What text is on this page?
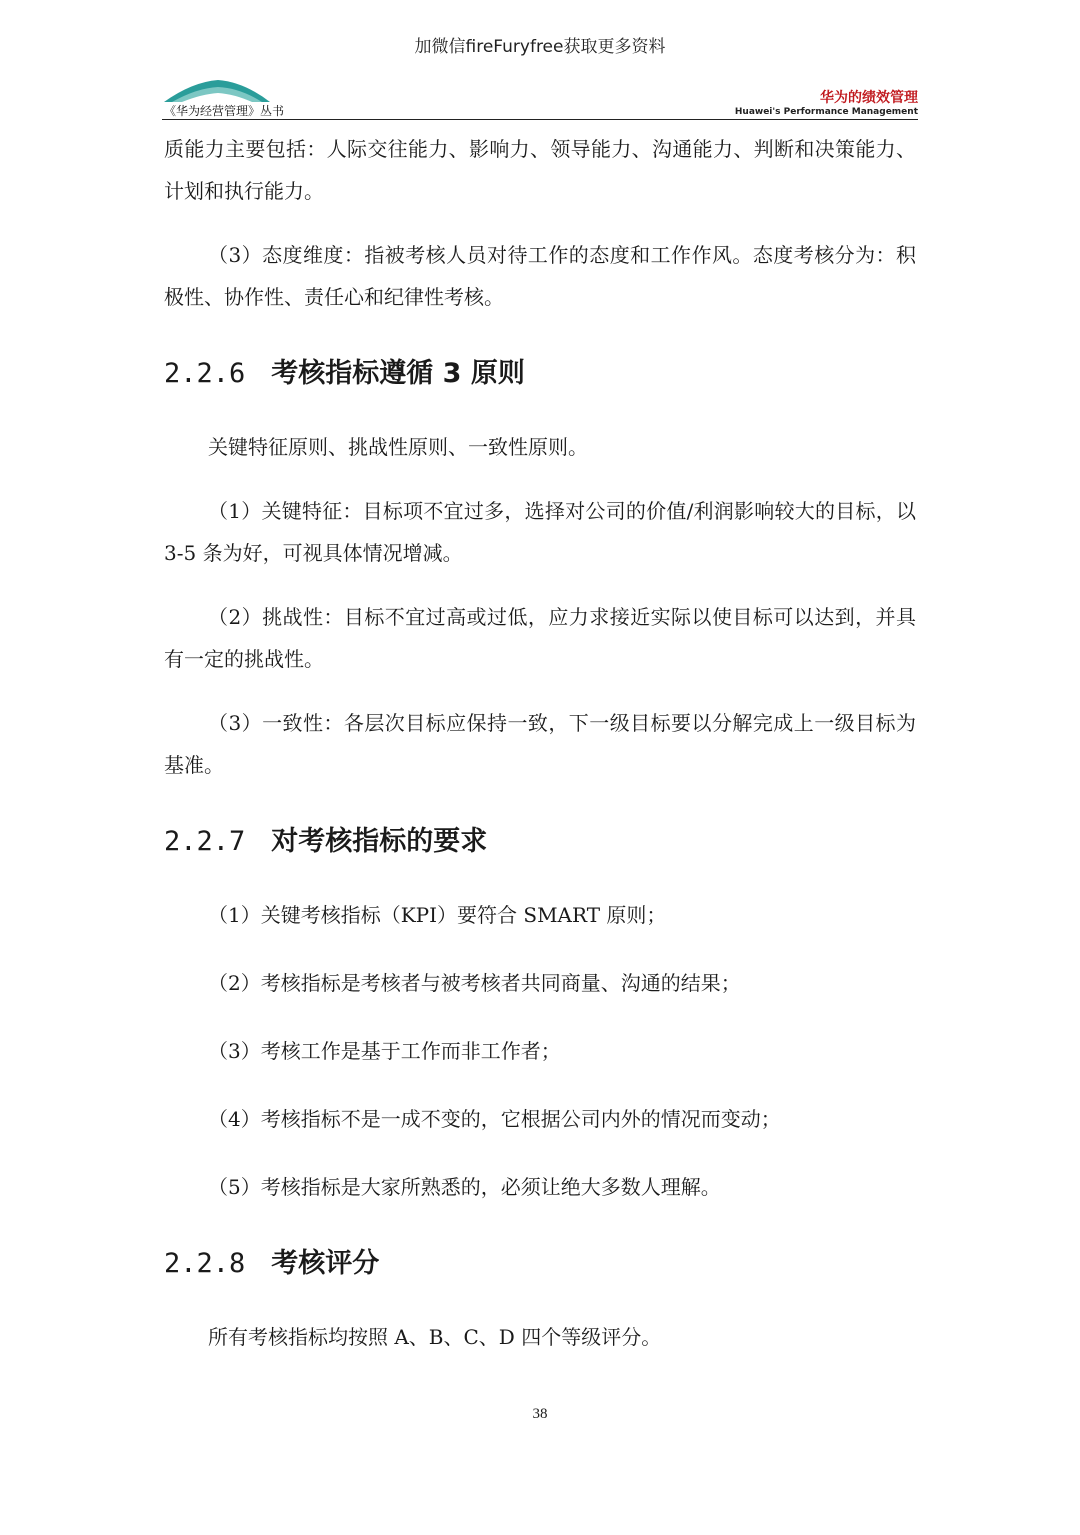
加微信fireFuryfree获取更多资料
《华为经营管理》丛书
华为的绩效管理
Huawei's Performance Management

质能力主要包括：人际交往能力、影响力、领导能力、沟通能力、判断和决策能力、计划和执行能力。

（3）态度维度：指被考核人员对待工作的态度和工作作风。态度考核分为：积极性、协作性、责任心和纪律性考核。

2.2.6 考核指标遵循 3 原则

关键特征原则、挑战性原则、一致性原则。

（1）关键特征：目标项不宜过多，选择对公司的价值/利润影响较大的目标，以 3-5 条为好，可视具体情况增减。

（2）挑战性：目标不宜过高或过低，应力求接近实际以使目标可以达到，并具有一定的挑战性。

（3）一致性：各层次目标应保持一致，下一级目标要以分解完成上一级目标为基准。

2.2.7 对考核指标的要求

（1）关键考核指标（KPI）要符合 SMART 原则；

（2）考核指标是考核者与被考核者共同商量、沟通的结果；

（3）考核工作是基于工作而非工作者；

（4）考核指标不是一成不变的，它根据公司内外的情况而变动；

（5）考核指标是大家所熟悉的，必须让绝大多数人理解。

2.2.8 考核评分

所有考核指标均按照 A、B、C、D 四个等级评分。

38
